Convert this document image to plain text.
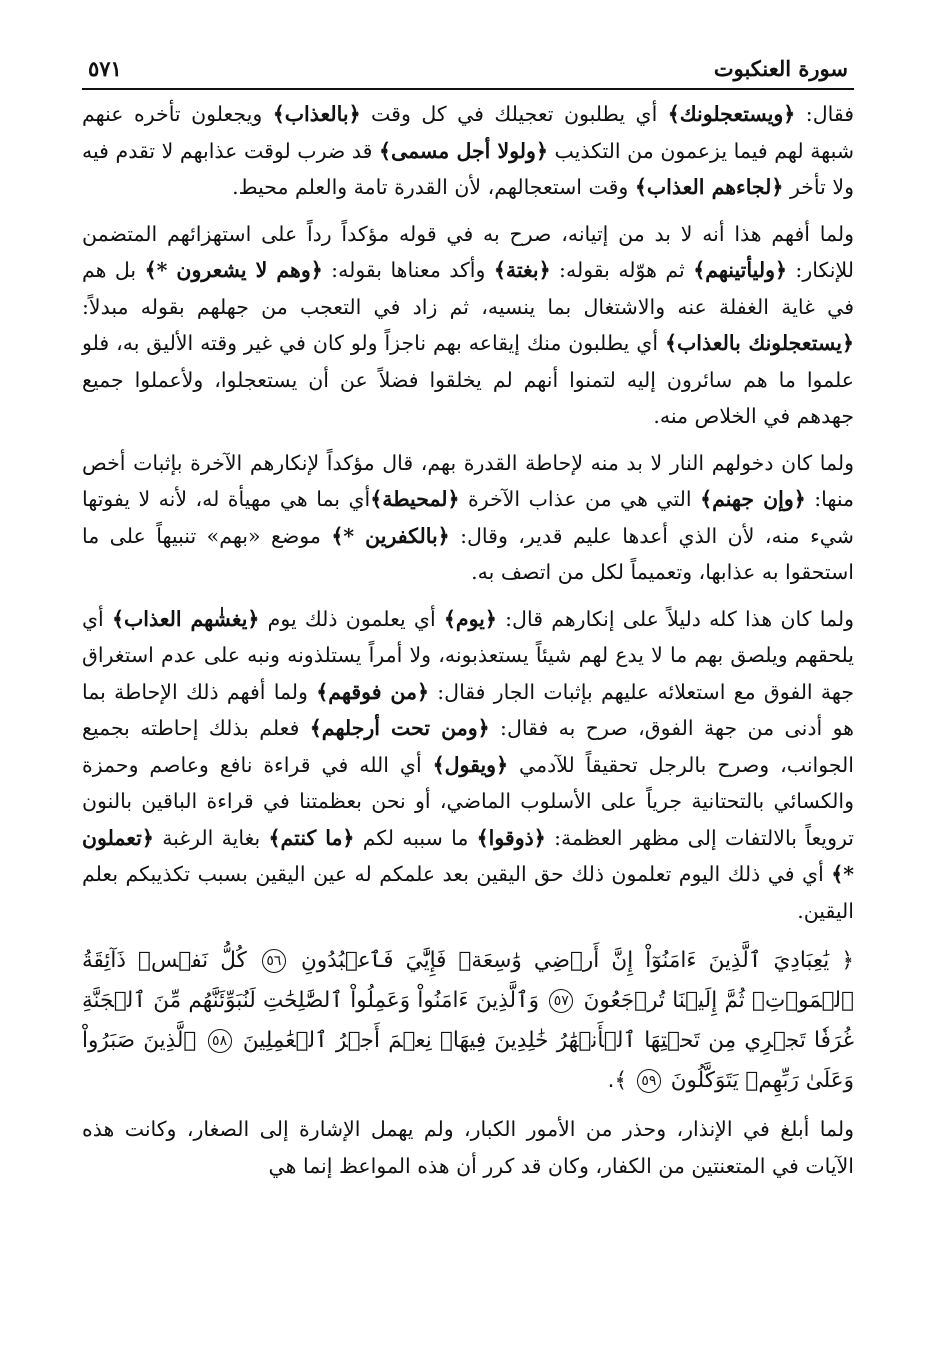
سورة العنكبوت
٥٧١

فقال: ﴿ويستعجلونك﴾ أي يطلبون تعجيلك في كل وقت ﴿بالعذاب﴾ ويجعلون تأخره عنهم شبهة لهم فيما يزعمون من التكذيب ﴿ولولا أجل مسمى﴾ قد ضرب لوقت عذابهم لا تقدم فيه ولا تأخر ﴿لجاءهم العذاب﴾ وقت استعجالهم، لأن القدرة تامة والعلم محيط.

ولما أفهم هذا أنه لا بد من إتيانه، صرح به في قوله مؤكداً رداً على استهزائهم المتضمن للإنكار: ﴿وليأتينهم﴾ ثم هوّله بقوله: ﴿بغتة﴾ وأكد معناها بقوله: ﴿وهم لا يشعرون *﴾ بل هم في غاية الغفلة عنه والاشتغال بما ينسيه، ثم زاد في التعجب من جهلهم بقوله مبدلاً: ﴿يستعجلونك بالعذاب﴾ أي يطلبون منك إيقاعه بهم ناجزاً ولو كان في غير وقته الأليق به، فلو علموا ما هم سائرون إليه لتمنوا أنهم لم يخلقوا فضلاً عن أن يستعجلوا، ولأعملوا جميع جهدهم في الخلاص منه.

ولما كان دخولهم النار لا بد منه لإحاطة القدرة بهم، قال مؤكداً لإنكارهم الآخرة بإثبات أخص منها: ﴿وإن جهنم﴾ التي هي من عذاب الآخرة ﴿لمحيطة﴾أي بما هي مهيأة له، لأنه لا يفوتها شيء منه، لأن الذي أعدها عليم قدير، وقال: ﴿بالكفرين *﴾ موضع «بهم» تنبيهاً على ما استحقوا به عذابها، وتعميماً لكل من اتصف به.

ولما كان هذا كله دليلاً على إنكارهم قال: ﴿يوم﴾ أي يعلمون ذلك يوم ﴿يغشٰهم العذاب﴾ أي يلحقهم ويلصق بهم ما لا يدع لهم شيئاً يستعذبونه، ولا أمراً يستلذونه ونبه على عدم استغراق جهة الفوق مع استعلائه عليهم بإثبات الجار فقال: ﴿من فوقهم﴾ ولما أفهم ذلك الإحاطة بما هو أدنى من جهة الفوق، صرح به فقال: ﴿ومن تحت أرجلهم﴾ فعلم بذلك إحاطته بجميع الجوانب، وصرح بالرجل تحقيقاً للآدمي ﴿ويقول﴾ أي الله في قراءة نافع وعاصم وحمزة والكسائي بالتحتانية جرياً على الأسلوب الماضي، أو نحن بعظمتنا في قراءة الباقين بالنون ترويعاً بالالتفات إلى مظهر العظمة: ﴿ذوقوا﴾ ما سببه لكم ﴿ما كنتم﴾ بغاية الرغبة ﴿تعملون *﴾ أي في ذلك اليوم تعلمون ذلك حق اليقين بعد علمكم له عين اليقين بسبب تكذيبكم بعلم اليقين.

﴿ يَٰعِبَادِيَ ٱلَّذِينَ ءَامَنُوٓاْ إِنَّ أَرۡضِي وَٰسِعَةٞ فَإِيَّٰيَ فَٱعۡبُدُونِ ٥٦ كُلُّ نَفۡسٖ ذَآئِقَةُ ٱلۡمَوۡتِۖ ثُمَّ إِلَيۡنَا تُرۡجَعُونَ ٥٧ وَٱلَّذِينَ ءَامَنُواْ وَعَمِلُواْ ٱلصَّٰلِحَٰتِ لَنُبَوِّئَنَّهُم مِّنَ ٱلۡجَنَّةِ غُرَفٗا تَجۡرِي مِن تَحۡتِهَا ٱلۡأَنۡهَٰرُ خَٰلِدِينَ فِيهَاۚ نِعۡمَ أَجۡرُ ٱلۡعَٰمِلِينَ ٥٨ ٱلَّذِينَ صَبَرُواْ وَعَلَىٰ رَبِّهِمۡ يَتَوَكَّلُونَ ٥٩ ﴾.

ولما أبلغ في الإنذار، وحذر من الأمور الكبار، ولم يهمل الإشارة إلى الصغار، وكانت هذه الآيات في المتعنتين من الكفار، وكان قد كرر أن هذه المواعظ إنما هي
